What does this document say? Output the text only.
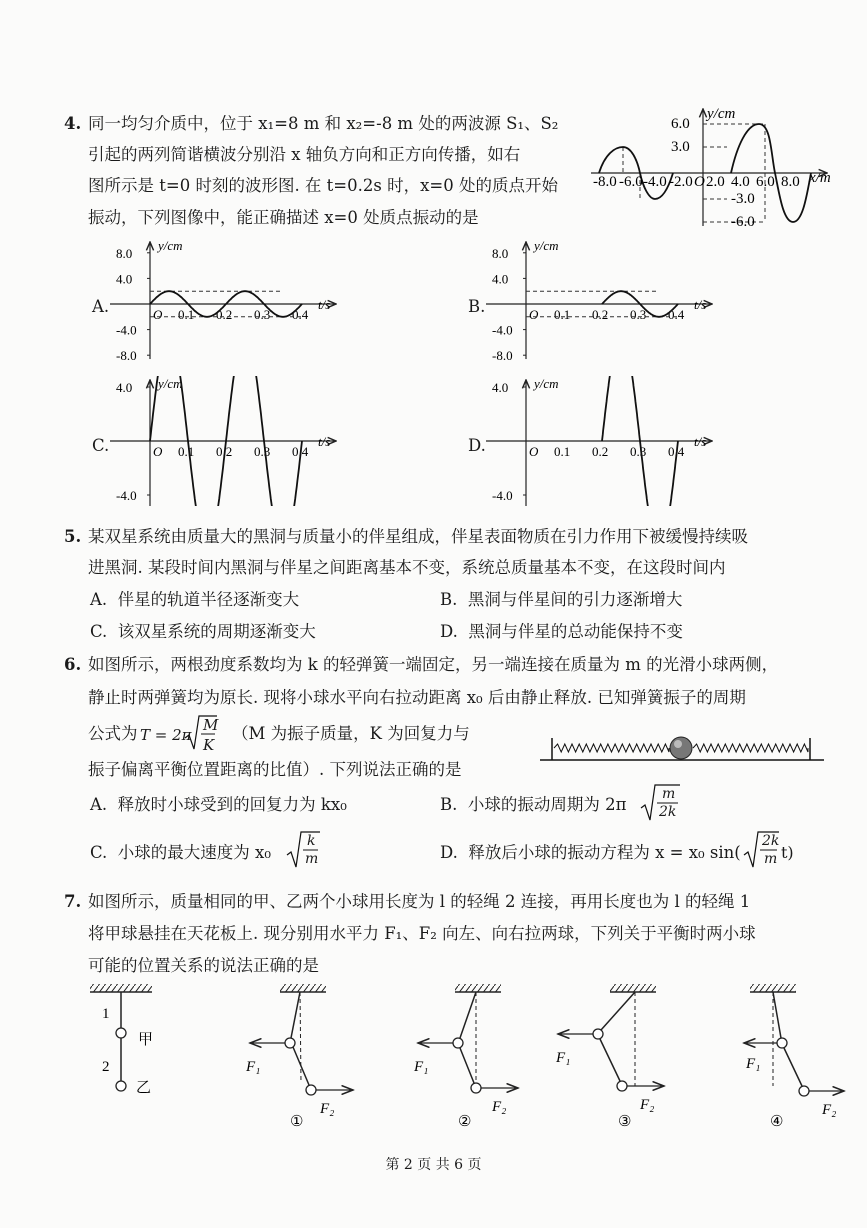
4. 同一均匀介质中，位于 x₁=8 m 和 x₂=-8 m 处的两波源 S₁、S₂
引起的两列简谐横波分别沿 x 轴负方向和正方向传播，如右
图所示是 t=0 时刻的波形图. 在 t=0.2s 时，x=0 处的质点开始
振动，下列图像中，能正确描述 x=0 处质点振动的是
y/cm
x/m
6.0
3.0
-3.0
-6.0
-8.0 -6.0 -4.0 -2.0 O 2.0 4.0 6.0 8.0
A.	B.
C.	D.
8.0
4.0
-4.0
-8.0
0.1 0.2 0.3 0.4
O
y/cm
t/s
8.0
4.0
-4.0
-8.0
0.1 0.2 0.3 0.4
O
y/cm
t/s
4.0
-4.0
0.1 0.2 0.3 0.4
O
y/cm
t/s
4.0
-4.0
0.1 0.2 0.3 0.4
O
y/cm
t/s
5. 某双星系统由质量大的黑洞与质量小的伴星组成，伴星表面物质在引力作用下被缓慢持续吸
进黑洞. 某段时间内黑洞与伴星之间距离基本不变，系统总质量基本不变，在这段时间内
A. 伴星的轨道半径逐渐变大	B. 黑洞与伴星间的引力逐渐增大
C. 该双星系统的周期逐渐变大	D. 黑洞与伴星的总动能保持不变
6. 如图所示，两根劲度系数均为 k 的轻弹簧一端固定，另一端连接在质量为 m 的光滑小球两侧，
静止时两弹簧均为原长. 现将小球水平向右拉动距离 x₀ 后由静止释放. 已知弹簧振子的周期
公式为 T = 2π
M
K
（M 为振子质量，K 为回复力与
振子偏离平衡位置距离的比值）. 下列说法正确的是
A. 释放时小球受到的回复力为 kx₀	B. 小球的振动周期为 2π
m
2k
C. 小球的最大速度为 x₀
k
m	D. 释放后小球的振动方程为 x = x₀ sin(
2k
m t)
7. 如图所示，质量相同的甲、乙两个小球用长度为 l 的轻绳 2 连接，再用长度也为 l 的轻绳 1
将甲球悬挂在天花板上. 现分别用水平力 F₁、F₂ 向左、向右拉两球，下列关于平衡时两小球
可能的位置关系的说法正确的是
1
2
甲
乙
F₁
F₂
①
F₁
F₂
②
F₁
F₂
③
F₁
F₂
④
第 2 页 共 6 页
